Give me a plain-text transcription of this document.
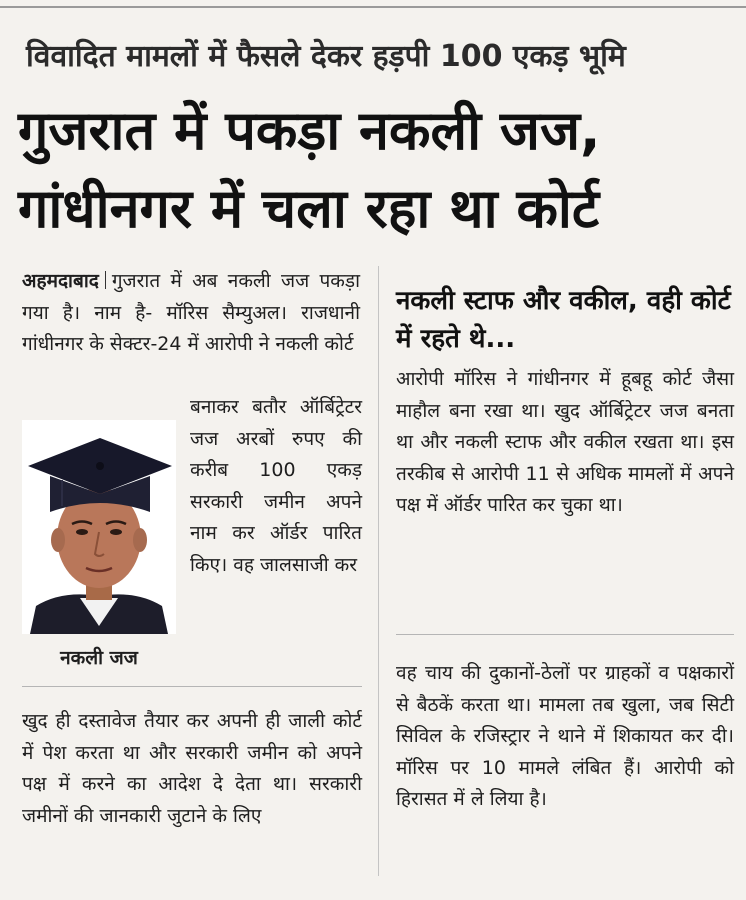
विवादित मामलों में फैसले देकर हड़पी 100 एकड़ भूमि
गुजरात में पकड़ा नकली जज,
गांधीनगर में चला रहा था कोर्ट

अहमदाबाद गुजरात में अब नकली जज पकड़ा गया है। नाम है- मॉरिस सैम्युअल। राजधानी गांधीनगर के सेक्टर-24 में आरोपी ने नकली कोर्ट

नकली जज

बनाकर बतौर ऑर्बिट्रेटर जज अरबों रुपए की करीब 100 एकड़ सरकारी जमीन अपने नाम कर ऑर्डर पारित किए। वह जालसाजी कर

खुद ही दस्तावेज तैयार कर अपनी ही जाली कोर्ट में पेश करता था और सरकारी जमीन को अपने पक्ष में करने का आदेश दे देता था। सरकारी जमीनों की जानकारी जुटाने के लिए

नकली स्टाफ और वकील, वही कोर्ट में रहते थे...

आरोपी मॉरिस ने गांधीनगर में हूबहू कोर्ट जैसा माहौल बना रखा था। खुद ऑर्बिट्रेटर जज बनता था और नकली स्टाफ और वकील रखता था। इस तरकीब से आरोपी 11 से अधिक मामलों में अपने पक्ष में ऑर्डर पारित कर चुका था।

वह चाय की दुकानों-ठेलों पर ग्राहकों व पक्षकारों से बैठकें करता था। मामला तब खुला, जब सिटी सिविल के रजिस्ट्रार ने थाने में शिकायत कर दी। मॉरिस पर 10 मामले लंबित हैं। आरोपी को हिरासत में ले लिया है।
